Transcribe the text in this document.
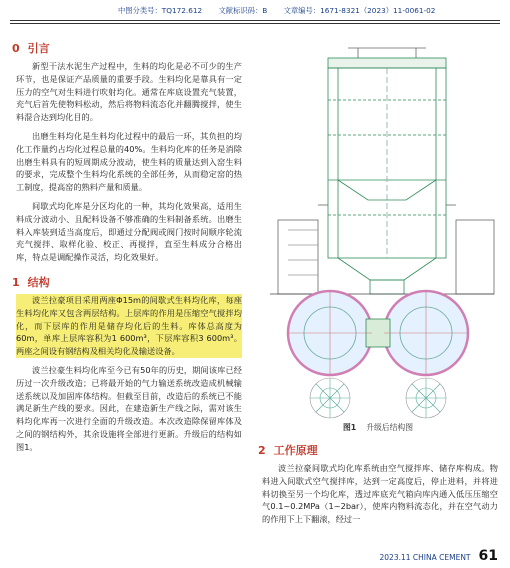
中图分类号：TQ172.612 文献标识码：B 文章编号：1671-8321（2023）11-0061-02
0 引言

新型干法水泥生产过程中，生料的均化是必不可少的生产环节，也是保证产品质量的重要手段。生料均化是靠具有一定压力的空气对生料进行吹射均化。通常在库底设置充气装置，充气后首先使物料松动，然后将物料流态化并翻腾搅拌，使生料混合达到均化目的。

出磨生料均化是生料均化过程中的最后一环，其负担的均化工作量约占均化过程总量的40%。生料均化库的任务是消除出磨生料具有的短周期成分波动，使生料的质量达到入窑生料的要求，完成整个生料均化系统的全部任务，从而稳定窑的热工制度，提高窑的熟料产量和质量。

间歇式均化库是分区均化的一种，其均化效果高，适用生料成分波动小、且配料设备不够准确的生料制备系统。出磨生料入库装到适当高度后，即通过分配阀或阀门按时间顺序轮流充气搅拌、取样化验、校正、再搅拌，直至生料成分合格出库，特点是调配操作灵活，均化效果好。

1 结构

波兰拉豪项目采用两座Φ15m的间歇式生料均化库，每座生料均化库又包含两层结构。上层库的作用是压缩空气搅拌均化，而下层库的作用是储存均化后的生料。库体总高度为60m，单库上层库容积为1 600m³，下层库容积3 600m³。两座之间设有钢结构及相关均化及输送设备。

波兰拉豪生料均化库至今已有50年的历史，期间该库已经历过一次升级改造；已将最开始的气力输送系统改造成机械输送系统以及加固库体结构。但截至目前，改造后的系统已不能满足新生产线的要求。因此，在建造新生产线之际，需对该生料均化库再一次进行全面的升级改造。本次改造除保留库体及之间的钢结构外，其余设施将全部进行更新。升级后的结构如图1。

图1 升级后结构图
2 工作原理

波兰拉豪间歇式均化库系统由空气搅拌库、储存库构成。物料进入间歇式空气搅拌库，达到一定高度后，停止进料，并将进料切换至另一个均化库，透过库底充气箱向库内通入低压压缩空气0.1~0.2MPa（1~2bar），使库内物料流态化，并在空气动力的作用下上下翻滚，经过一

2023.11 CHINA CEMENT 61
